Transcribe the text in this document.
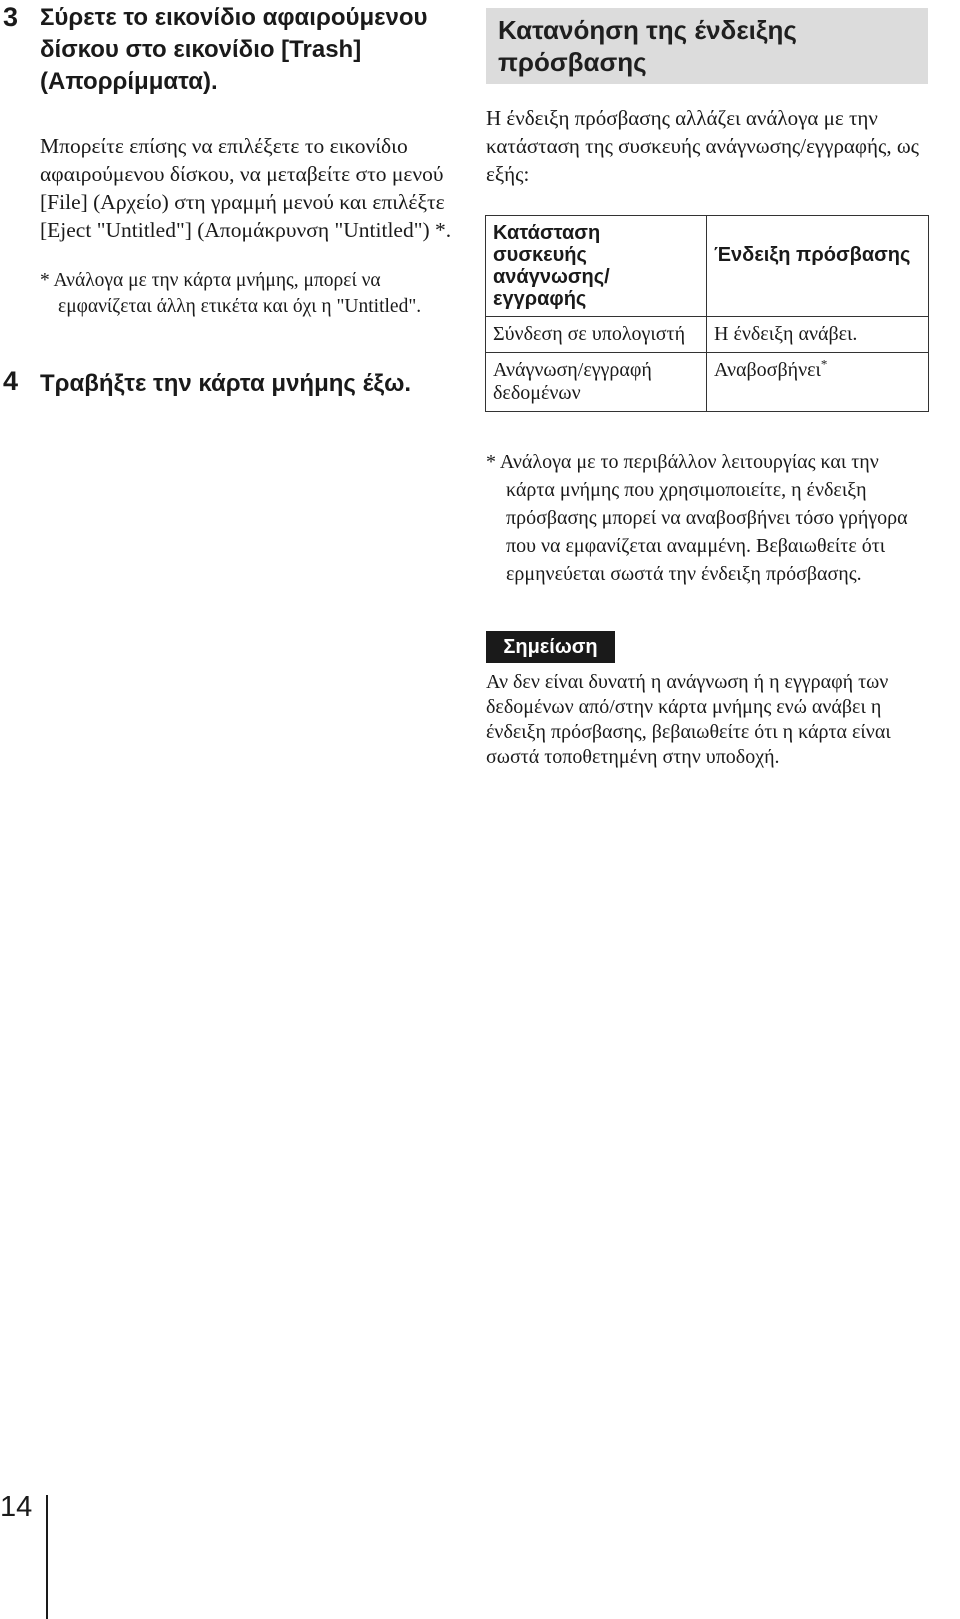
3 Σύρετε το εικονίδιο αφαιρούμενου δίσκου στο εικονίδιο [Trash] (Απορρίμματα).
Μπορείτε επίσης να επιλέξετε το εικονίδιο αφαιρούμενου δίσκου, να μεταβείτε στο μενού [File] (Αρχείο) στη γραμμή μενού και επιλέξτε [Eject "Untitled"] (Απομάκρυνση "Untitled") *.
* Ανάλογα με την κάρτα μνήμης, μπορεί να
εμφανίζεται άλλη ετικέτα και όχι η "Untitled".
4 Τραβήξτε την κάρτα μνήμης έξω.
Κατανόηση της ένδειξης πρόσβασης
Η ένδειξη πρόσβασης αλλάζει ανάλογα με την κατάσταση της συσκευής ανάγνωσης/εγγραφής, ως εξής:
Κατάσταση συσκευής ανάγνωσης/ εγγραφής	Ένδειξη πρόσβασης
Σύνδεση σε υπολογιστή	Η ένδειξη ανάβει.
Ανάγνωση/εγγραφή δεδομένων	Αναβοσβήνει*
* Ανάλογα με το περιβάλλον λειτουργίας και την κάρτα μνήμης που χρησιμοποιείτε, η ένδειξη πρόσβασης μπορεί να αναβοσβήνει τόσο γρήγορα που να εμφανίζεται αναμμένη. Βεβαιωθείτε ότι ερμηνεύεται σωστά την ένδειξη πρόσβασης.
Σημείωση
Αν δεν είναι δυνατή η ανάγνωση ή η εγγραφή των δεδομένων από/στην κάρτα μνήμης ενώ ανάβει η ένδειξη πρόσβασης, βεβαιωθείτε ότι η κάρτα είναι σωστά τοποθετημένη στην υποδοχή.
14
